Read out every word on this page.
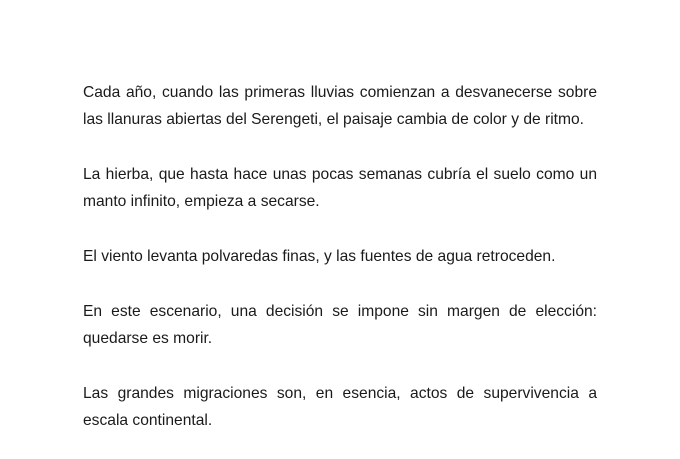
Cada año, cuando las primeras lluvias comienzan a desvanecerse sobre las llanuras abiertas del Serengeti, el paisaje cambia de color y de ritmo.

La hierba, que hasta hace unas pocas semanas cubría el suelo como un manto infinito, empieza a secarse.

El viento levanta polvaredas finas, y las fuentes de agua retroceden.

En este escenario, una decisión se impone sin margen de elección: quedarse es morir.

Las grandes migraciones son, en esencia, actos de supervivencia a escala continental.
